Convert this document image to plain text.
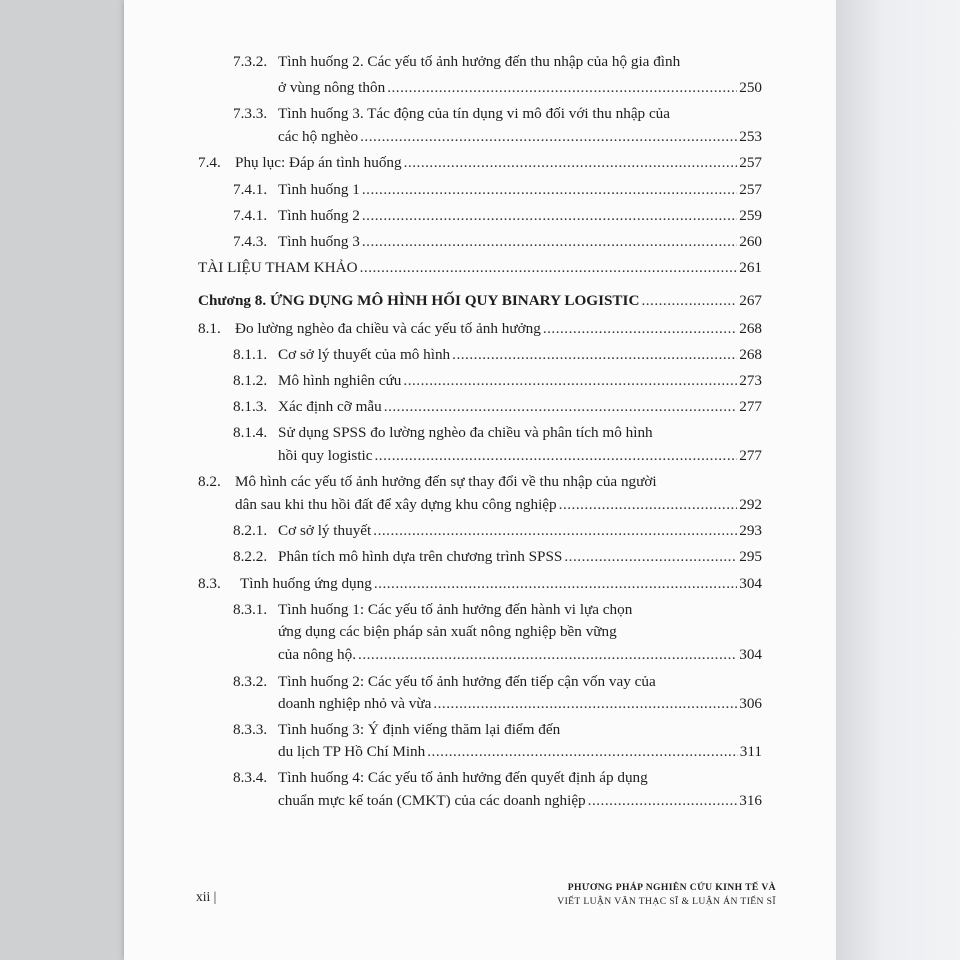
7.3.2. Tình huống 2. Các yếu tố ảnh hưởng đến thu nhập của hộ gia đình
ở vùng nông thôn .....	250
7.3.3. Tình huống 3. Tác động của tín dụng vi mô đối với thu nhập của
các hộ nghèo .....	253
7.4. Phụ lục: Đáp án tình huống .....	257
7.4.1. Tình huống 1 .....	257
7.4.1. Tình huống 2 .....	259
7.4.3. Tình huống 3 .....	260
TÀI LIỆU THAM KHẢO .....	261
Chương 8. ỨNG DỤNG MÔ HÌNH HỐI QUY BINARY LOGISTIC .....	267
8.1. Đo lường nghèo đa chiều và các yếu tố ảnh hưởng .....	268
8.1.1. Cơ sở lý thuyết của mô hình .....	268
8.1.2. Mô hình nghiên cứu .....	273
8.1.3. Xác định cỡ mẫu .....	277
8.1.4. Sử dụng SPSS đo lường nghèo đa chiều và phân tích mô hình
hồi quy logistic .....	277
8.2. Mô hình các yếu tố ảnh hưởng đến sự thay đổi về thu nhập của người
dân sau khi thu hồi đất để xây dựng khu công nghiệp .....	292
8.2.1. Cơ sở lý thuyết .....	293
8.2.2. Phân tích mô hình dựa trên chương trình SPSS .....	295
8.3. Tình huống ứng dụng .....	304
8.3.1. Tình huống 1: Các yếu tố ảnh hưởng đến hành vi lựa chọn
ứng dụng các biện pháp sản xuất nông nghiệp bền vững
của nông hộ. .....	304
8.3.2. Tình huống 2: Các yếu tố ảnh hưởng đến tiếp cận vốn vay của
doanh nghiệp nhỏ và vừa .....	306
8.3.3. Tình huống 3: Ý định viếng thăm lại điểm đến
du lịch TP Hồ Chí Minh .....	311
8.3.4. Tình huống 4: Các yếu tố ảnh hưởng đến quyết định áp dụng
chuẩn mực kế toán (CMKT) của các doanh nghiệp .....	316
xii |
PHƯƠNG PHÁP NGHIÊN CỨU KINH TẾ VÀ
VIẾT LUẬN VĂN THẠC SĨ & LUẬN ÁN TIẾN SĨ
